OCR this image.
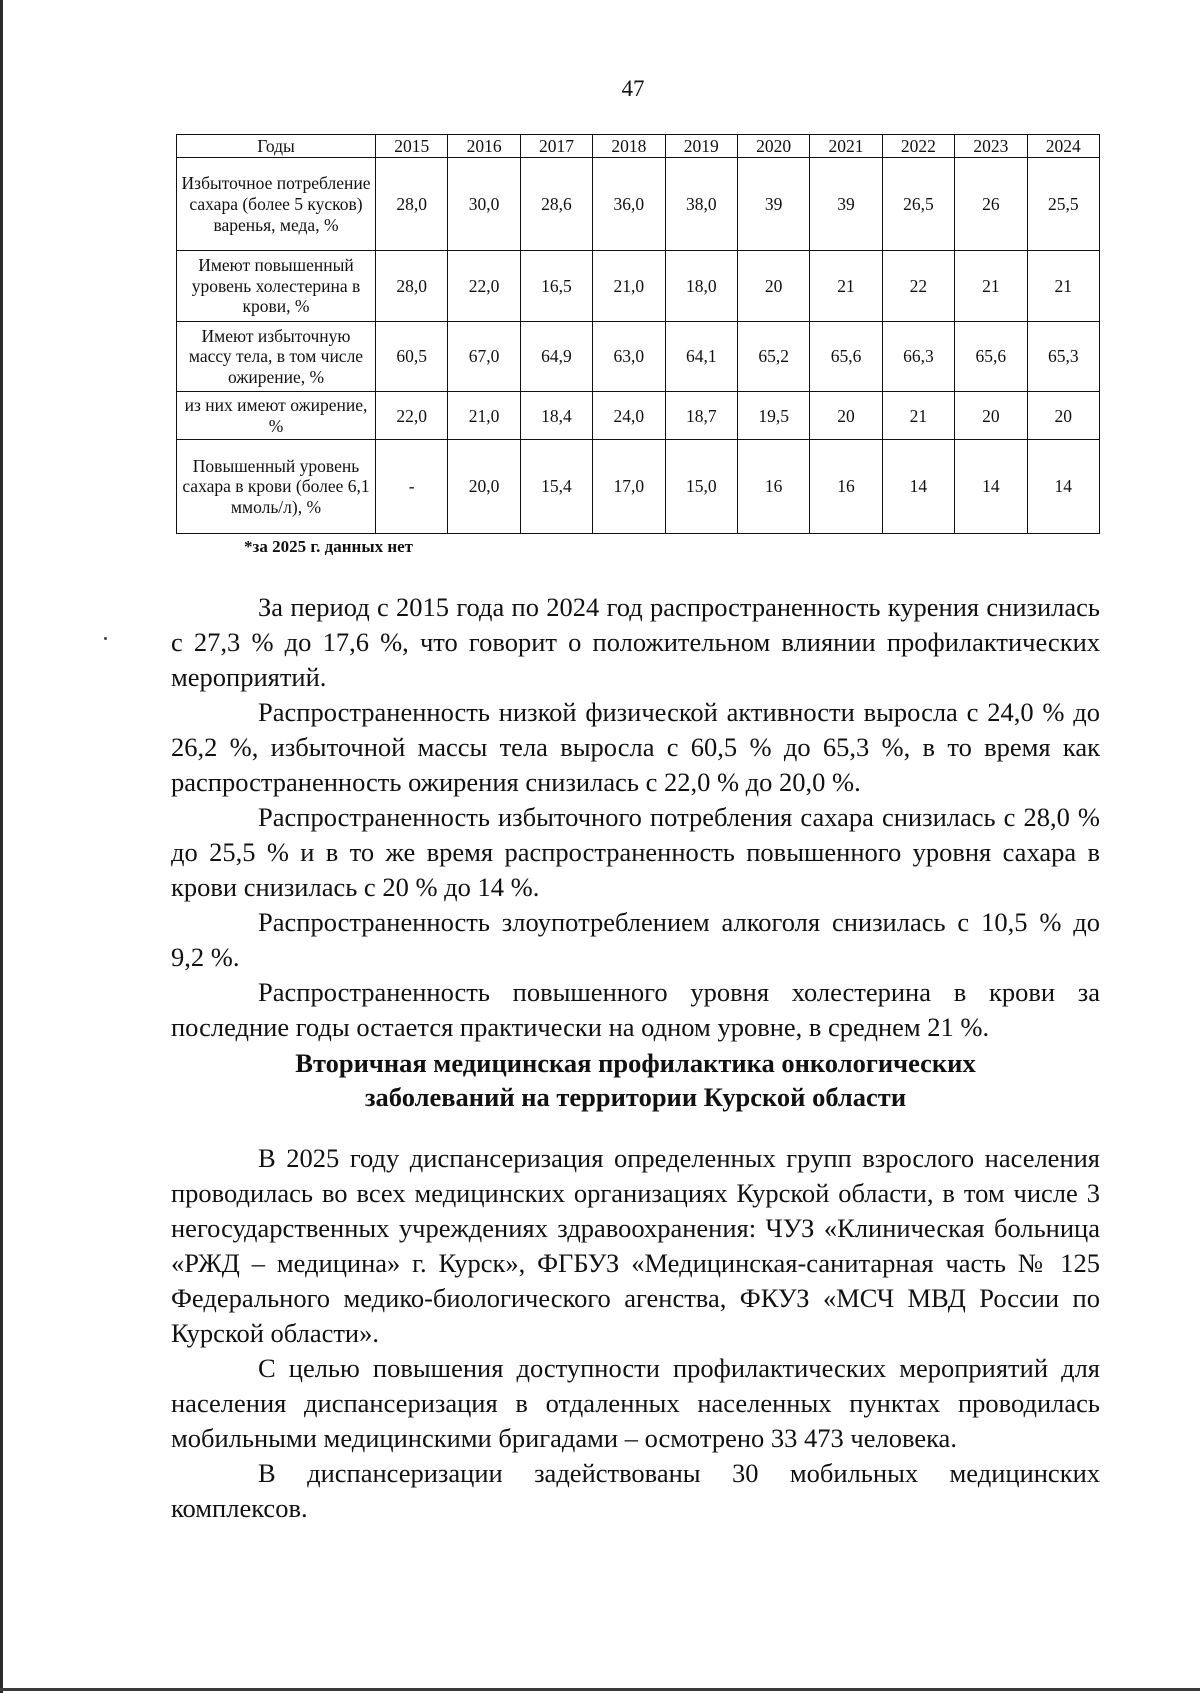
47
Годы	2015	2016	2017	2018	2019	2020	2021	2022	2023	2024
Избыточное потребление сахара (более 5 кусков) варенья, меда, %	28,0	30,0	28,6	36,0	38,0	39	39	26,5	26	25,5
Имеют повышенный уровень холестерина в крови, %	28,0	22,0	16,5	21,0	18,0	20	21	22	21	21
Имеют избыточную массу тела, в том числе ожирение, %	60,5	67,0	64,9	63,0	64,1	65,2	65,6	66,3	65,6	65,3
из них имеют ожирение, %	22,0	21,0	18,4	24,0	18,7	19,5	20	21	20	20
Повышенный уровень сахара в крови (более 6,1 ммоль/л), %	-	20,0	15,4	17,0	15,0	16	16	14	14	14
*за 2025 г. данных нет

За период с 2015 года по 2024 год распространенность курения снизилась с 27,3 % до 17,6 %, что говорит о положительном влиянии профилактических мероприятий.

Распространенность низкой физической активности выросла с 24,0 % до 26,2 %, избыточной массы тела выросла с 60,5 % до 65,3 %, в то время как распространенность ожирения снизилась с 22,0 % до 20,0 %.

Распространенность избыточного потребления сахара снизилась с 28,0 % до 25,5 % и в то же время распространенность повышенного уровня сахара в крови снизилась с 20 % до 14 %.

Распространенность злоупотреблением алкоголя снизилась с 10,5 % до 9,2 %.

Распространенность повышенного уровня холестерина в крови за последние годы остается практически на одном уровне, в среднем 21 %.

Вторичная медицинская профилактика онкологических
заболеваний на территории Курской области

В 2025 году диспансеризация определенных групп взрослого населения проводилась во всех медицинских организациях Курской области, в том числе 3 негосударственных учреждениях здравоохранения: ЧУЗ «Клиническая больница «РЖД – медицина» г. Курск», ФГБУЗ «Медицинская-санитарная часть № 125 Федерального медико-биологического агенства, ФКУЗ «МСЧ МВД России по Курской области».

С целью повышения доступности профилактических мероприятий для населения диспансеризация в отдаленных населенных пунктах проводилась мобильными медицинскими бригадами – осмотрено 33 473 человека.

В диспансеризации задействованы 30 мобильных медицинских комплексов.
